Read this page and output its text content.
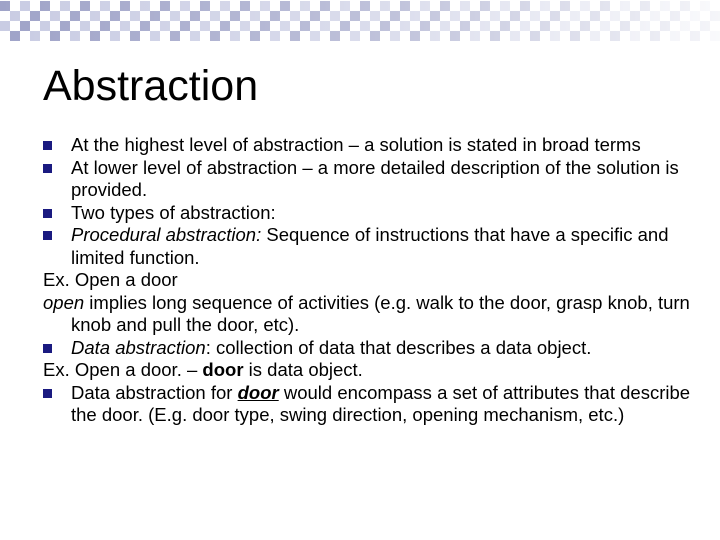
Abstraction
At the highest level of abstraction – a solution is stated in broad terms
At lower level of abstraction – a more detailed description of the solution is provided.
Two types of abstraction:
Procedural abstraction: Sequence of instructions that have a specific and limited function.
Ex. Open a door
open implies long sequence of activities (e.g. walk to the door, grasp knob, turn knob and pull the door, etc).
Data abstraction: collection of data that describes a data object.
Ex. Open a door. – door is data object.
Data abstraction for door would encompass a set of attributes that describe the door. (E.g. door type, swing direction, opening mechanism, etc.)
